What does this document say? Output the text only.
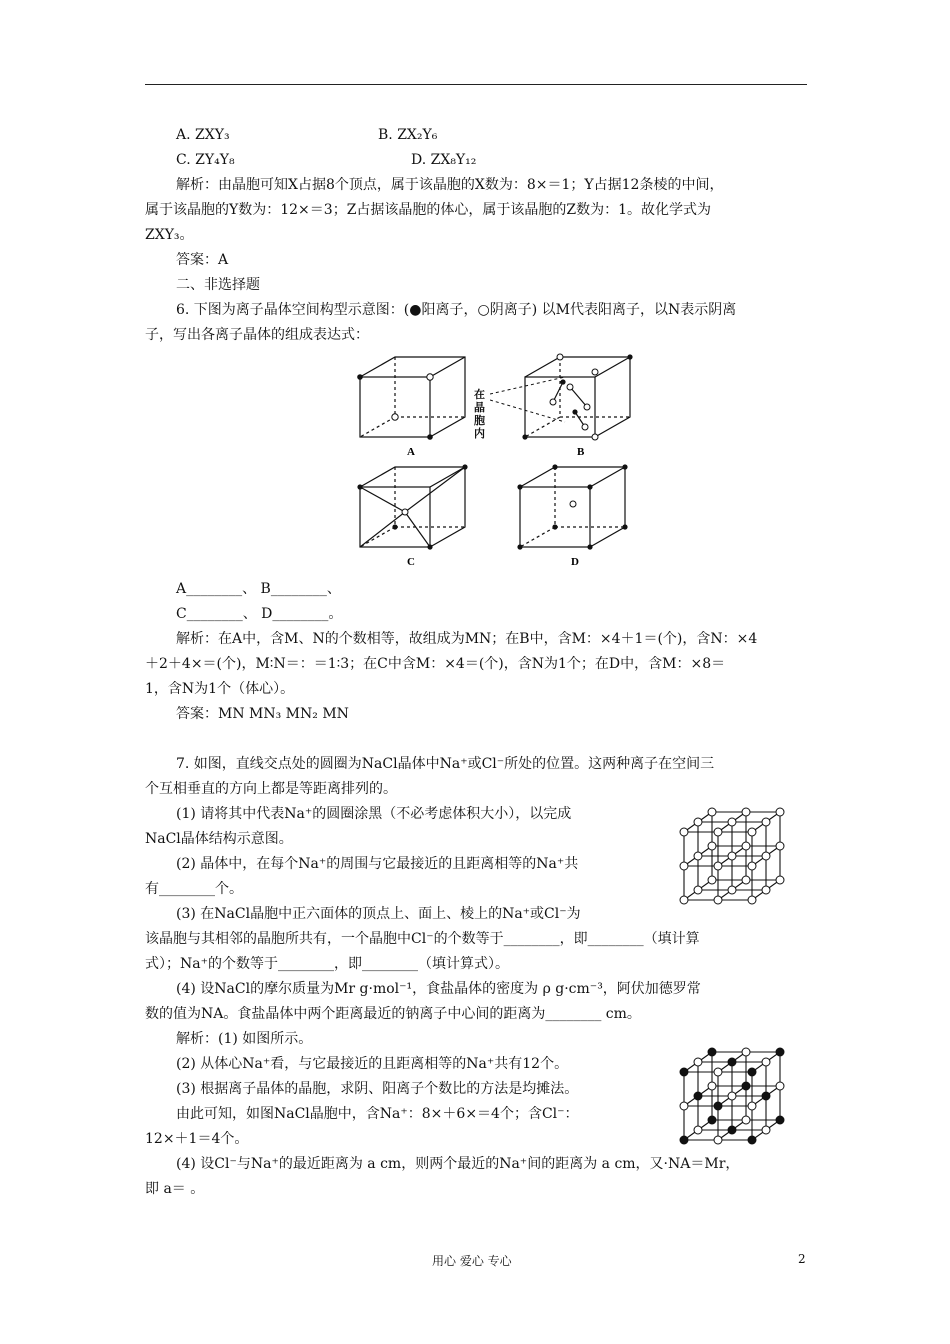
A. ZXY₃	B. ZX₂Y₆
C. ZY₄Y₈	D. ZX₈Y₁₂
解析：由晶胞可知X占据8个顶点，属于该晶胞的X数为：8×＝1；Y占据12条棱的中间，
属于该晶胞的Y数为：12×＝3；Z占据该晶胞的体心，属于该晶胞的Z数为：1。故化学式为
ZXY₃。
答案：A
二、非选择题
6. 下图为离子晶体空间构型示意图：(●阳离子，○阴离子) 以M代表阳离子，以N表示阴离
子，写出各离子晶体的组成表达式：
A
在晶胞内
B
C	D
A________、 B________、
C________、 D________。
解析：在A中，含M、N的个数相等，故组成为MN；在B中，含M：×4＋1＝(个)，含N：×4
＋2＋4×＝(个)，M∶N＝：＝1∶3；在C中含M：×4＝(个)，含N为1个；在D中，含M：×8＝
1，含N为1个（体心）。
答案：MN MN₃ MN₂ MN
7. 如图，直线交点处的圆圈为NaCl晶体中Na⁺或Cl⁻所处的位置。这两种离子在空间三
个互相垂直的方向上都是等距离排列的。
(1) 请将其中代表Na⁺的圆圈涂黑（不必考虑体积大小），以完成
NaCl晶体结构示意图。
(2) 晶体中，在每个Na⁺的周围与它最接近的且距离相等的Na⁺共
有________个。
(3) 在NaCl晶胞中正六面体的顶点上、面上、棱上的Na⁺或Cl⁻为
该晶胞与其相邻的晶胞所共有，一个晶胞中Cl⁻的个数等于________，即________（填计算
式）；Na⁺的个数等于________，即________（填计算式）。
(4) 设NaCl的摩尔质量为Mr g·mol⁻¹，食盐晶体的密度为 ρ g·cm⁻³，阿伏加德罗常
数的值为NA。食盐晶体中两个距离最近的钠离子中心间的距离为________ cm。
解析：(1) 如图所示。
(2) 从体心Na⁺看，与它最接近的且距离相等的Na⁺共有12个。
(3) 根据离子晶体的晶胞，求阴、阳离子个数比的方法是均摊法。
由此可知，如图NaCl晶胞中，含Na⁺：8×＋6×＝4个；含Cl⁻：
12×＋1＝4个。
(4) 设Cl⁻与Na⁺的最近距离为 a cm，则两个最近的Na⁺间的距离为 a cm，又·NA＝Mr，
即 a＝ 。
用心 爱心 专心	2
